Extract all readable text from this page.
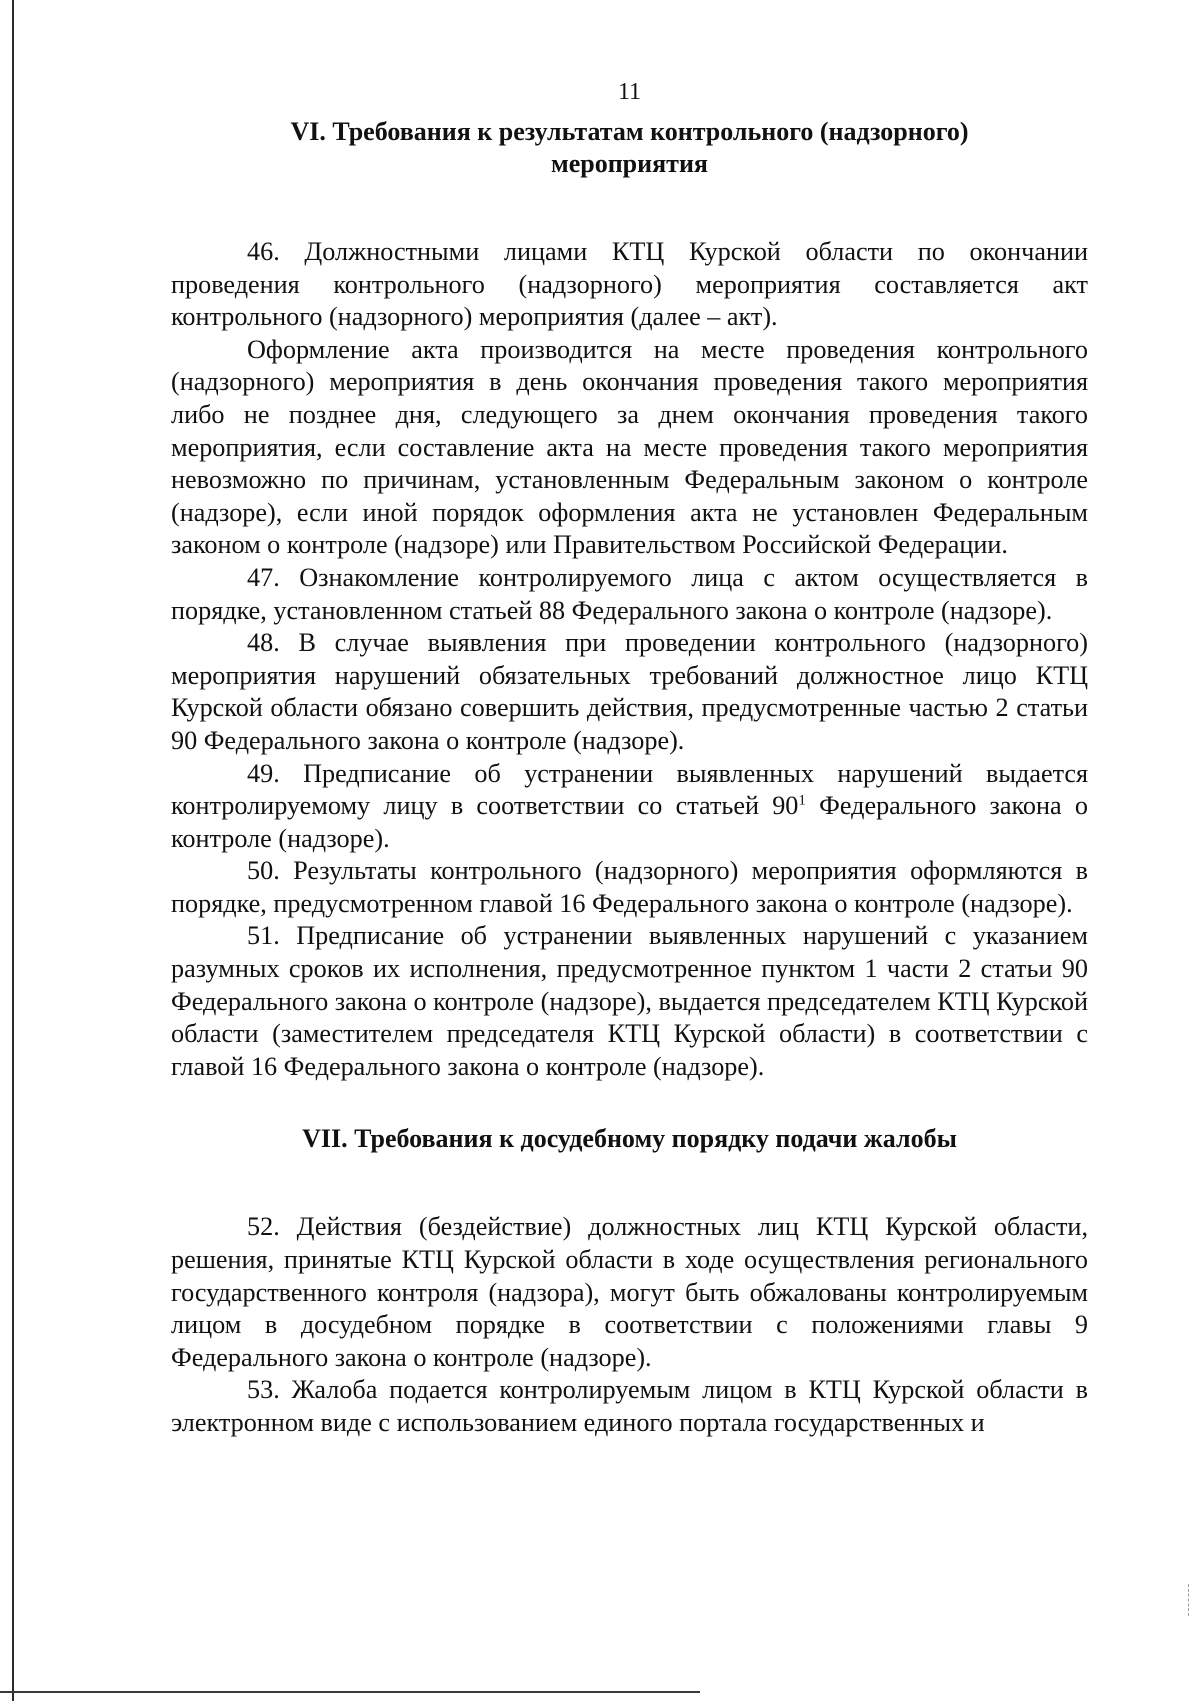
11
VI. Требования к результатам контрольного (надзорного)
мероприятия

46. Должностными лицами КТЦ Курской области по окончании проведения контрольного (надзорного) мероприятия составляется акт контрольного (надзорного) мероприятия (далее – акт).

Оформление акта производится на месте проведения контрольного (надзорного) мероприятия в день окончания проведения такого мероприятия либо не позднее дня, следующего за днем окончания проведения такого мероприятия, если составление акта на месте проведения такого мероприятия невозможно по причинам, установленным Федеральным законом о контроле (надзоре), если иной порядок оформления акта не установлен Федеральным законом о контроле (надзоре) или Правительством Российской Федерации.

47. Ознакомление контролируемого лица с актом осуществляется в порядке, установленном статьей 88 Федерального закона о контроле (надзоре).

48. В случае выявления при проведении контрольного (надзорного) мероприятия нарушений обязательных требований должностное лицо КТЦ Курской области обязано совершить действия, предусмотренные частью 2 статьи 90 Федерального закона о контроле (надзоре).

49. Предписание об устранении выявленных нарушений выдается контролируемому лицу в соответствии со статьей $90^1$ Федерального закона о контроле (надзоре).

50. Результаты контрольного (надзорного) мероприятия оформляются в порядке, предусмотренном главой 16 Федерального закона о контроле (надзоре).

51. Предписание об устранении выявленных нарушений с указанием разумных сроков их исполнения, предусмотренное пунктом 1 части 2 статьи 90 Федерального закона о контроле (надзоре), выдается председателем КТЦ Курской области (заместителем председателя КТЦ Курской области) в соответствии с главой 16 Федерального закона о контроле (надзоре).

VII. Требования к досудебному порядку подачи жалобы

52. Действия (бездействие) должностных лиц КТЦ Курской области, решения, принятые КТЦ Курской области в ходе осуществления регионального государственного контроля (надзора), могут быть обжалованы контролируемым лицом в досудебном порядке в соответствии с положениями главы 9 Федерального закона о контроле (надзоре).

53. Жалоба подается контролируемым лицом в КТЦ Курской области в электронном виде с использованием единого портала государственных и
